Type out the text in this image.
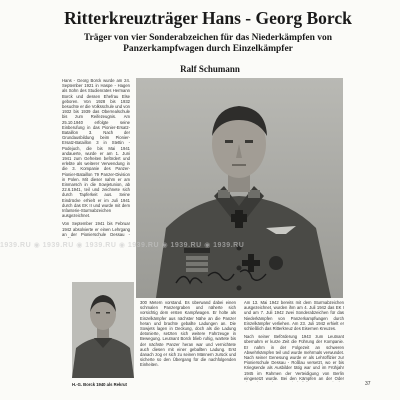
Ritterkreuzträger Hans - Georg Borck
Träger von vier Sonderabzeichen für das Niederkämpfen von Panzerkampfwagen durch Einzelkämpfer
Ralf Schumann

Hans - Georg Borck wurde am 24. September 1921 in Haspe - Hagen als Sohn des Studienrates Hermann Borck und dessen Ehefrau Else geboren. Von 1928 bis 1932 besuchte er die Volksschule und von 1932 bis 1939 das Oberrealschule bis zum Reifezeugnis. Am 25.10.1940 erfolgte seine Einberufung in das Pionier-Ersatz-Bataillon 3. Nach der Grundausbildung beim Pionier-Ersatz-Bataillon 3 in Stettin - Podejuch, die bis Mai 1941 andauerte, wurde er am 1. Juni 1941 zum Gefreiten befördert und erlebte als weiterer Verwendung in die 3. Kompanie des Panzer-Pionier-Bataillon 79 Panzer-Division in Polen. Mit dieser nahm er am Einmarsch in die Sowjetunion, ab 22.6.1941, teil und zeichnete sich durch Tapferkeit aus. Seine Eindrücke erhielt er im Juli 1941 durch das EK II und wurde mit dem Infanterie-Sturmabzeichen ausgezeichnet.

Von September 1941 bis Februar 1942 absolvierte er einen Lehrgang an der Pionierschule Dessau -

1939.RU ◉ 1939.RU ◉ 1939.RU ◉ 1939.RU ◉ 1939.RU ◉ 1939.RU
H.-G. Borck 1940 als Rekrut

300 Metern vorstand. Es überwand dabei einen schmalen Panzergraben und näherte sich vorsichtig dem ersten Kampfwagen. Er holte als Einzelkämpfer aus nächster Nähe an die Panzer heran und brachte geballte Ladungen an. Die Sowjets lagen in Deckung, doch als die Ladung detonierte, setzten sich weitere Fahrzeuge in Bewegung. Leutnant Borck blieb ruhig, wartete bis der nächste Panzer heran war und vernichtete auch diesen mit einer geballten Ladung. Erst danach zog er sich zu seinen Männern zurück und sicherte so den Übergang für die nachfolgenden Einheiten.

Am 13. Mai 1942 bereits mit dem Sturmabzeichen ausgezeichnet, wurden ihm am 4. Juli 1942 das EK I und am 7. Juli 1942 zwei Sonderabzeichen für das Niederkämpfen von Panzerkampfwagen durch Einzelkämpfer verliehen. Am 23. Juli 1942 erhielt er schließlich das Ritterkreuz des Eisernen Kreuzes.

Nach seiner Beförderung 1943 zum Leutnant übernahm er kurze Zeit die Führung der Kompanie. Er nahm in der Folgezeit an schweren Abwehrkämpfen teil und wurde mehrmals verwundet. Nach seiner Genesung wurde er als Lehroffizier zur Pionierschule Dessau - Roßlau versetzt, wo er bis Kriegsende als Ausbilder tätig war und im Frühjahr 1945 im Rahmen der Verteidigung von Berlin eingesetzt wurde. Bei den Kämpfen an der Oder

37
